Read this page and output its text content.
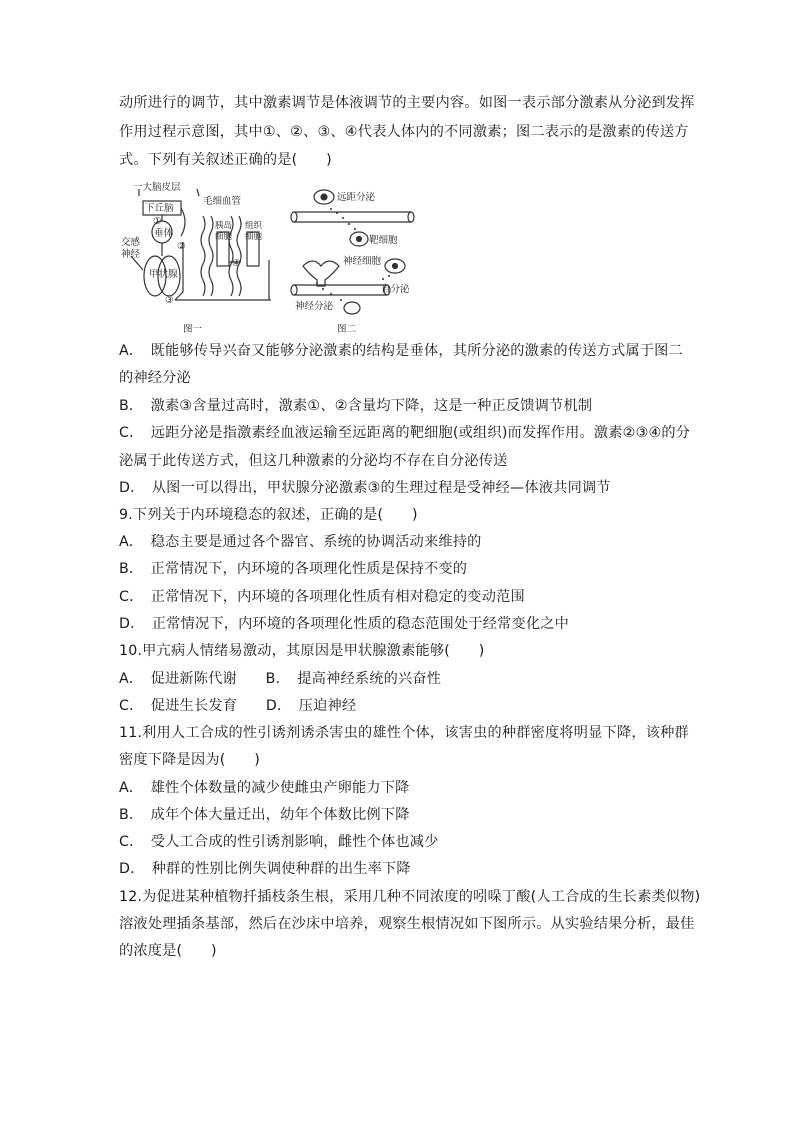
动所进行的调节，其中激素调节是体液调节的主要内容。如图一表示部分激素从分泌到发挥
作用过程示意图，其中①、②、③、④代表人体内的不同激素；图二表示的是激素的传送方
式。下列有关叙述正确的是(　　)
一大脑皮层
下丘脑
毛细血管
垂体
交感
神经
甲状腺
胰岛细胞
组织细胞
①
②
③
④
图一
远距分泌
靶细胞
神经细胞
自分泌
神经分泌
图二
A．　既能够传导兴奋又能够分泌激素的结构是垂体，其所分泌的激素的传送方式属于图二
的神经分泌
B．　激素③含量过高时，激素①、②含量均下降，这是一种正反馈调节机制
C．　远距分泌是指激素经血液运输至远距离的靶细胞(或组织)而发挥作用。激素②③④的分
泌属于此传送方式，但这几种激素的分泌均不存在自分泌传送
D．　从图一可以得出，甲状腺分泌激素③的生理过程是受神经—体液共同调节
9.下列关于内环境稳态的叙述，正确的是(　　)
A．　稳态主要是通过各个器官、系统的协调活动来维持的
B．　正常情况下，内环境的各项理化性质是保持不变的
C．　正常情况下，内环境的各项理化性质有相对稳定的变动范围
D．　正常情况下，内环境的各项理化性质的稳态范围处于经常变化之中
10.甲亢病人情绪易激动，其原因是甲状腺激素能够(　　)
A．　促进新陈代谢　　B．　提高神经系统的兴奋性
C．　促进生长发育　　D．　压迫神经
11.利用人工合成的性引诱剂诱杀害虫的雄性个体，该害虫的种群密度将明显下降，该种群
密度下降是因为(　　)
A．　雄性个体数量的减少使雌虫产卵能力下降
B．　成年个体大量迁出，幼年个体数比例下降
C．　受人工合成的性引诱剂影响，雌性个体也减少
D．　种群的性别比例失调使种群的出生率下降
12.为促进某种植物扦插枝条生根，采用几种不同浓度的吲哚丁酸(人工合成的生长素类似物)
溶液处理插条基部，然后在沙床中培养，观察生根情况如下图所示。从实验结果分析，最佳
的浓度是(　　)
